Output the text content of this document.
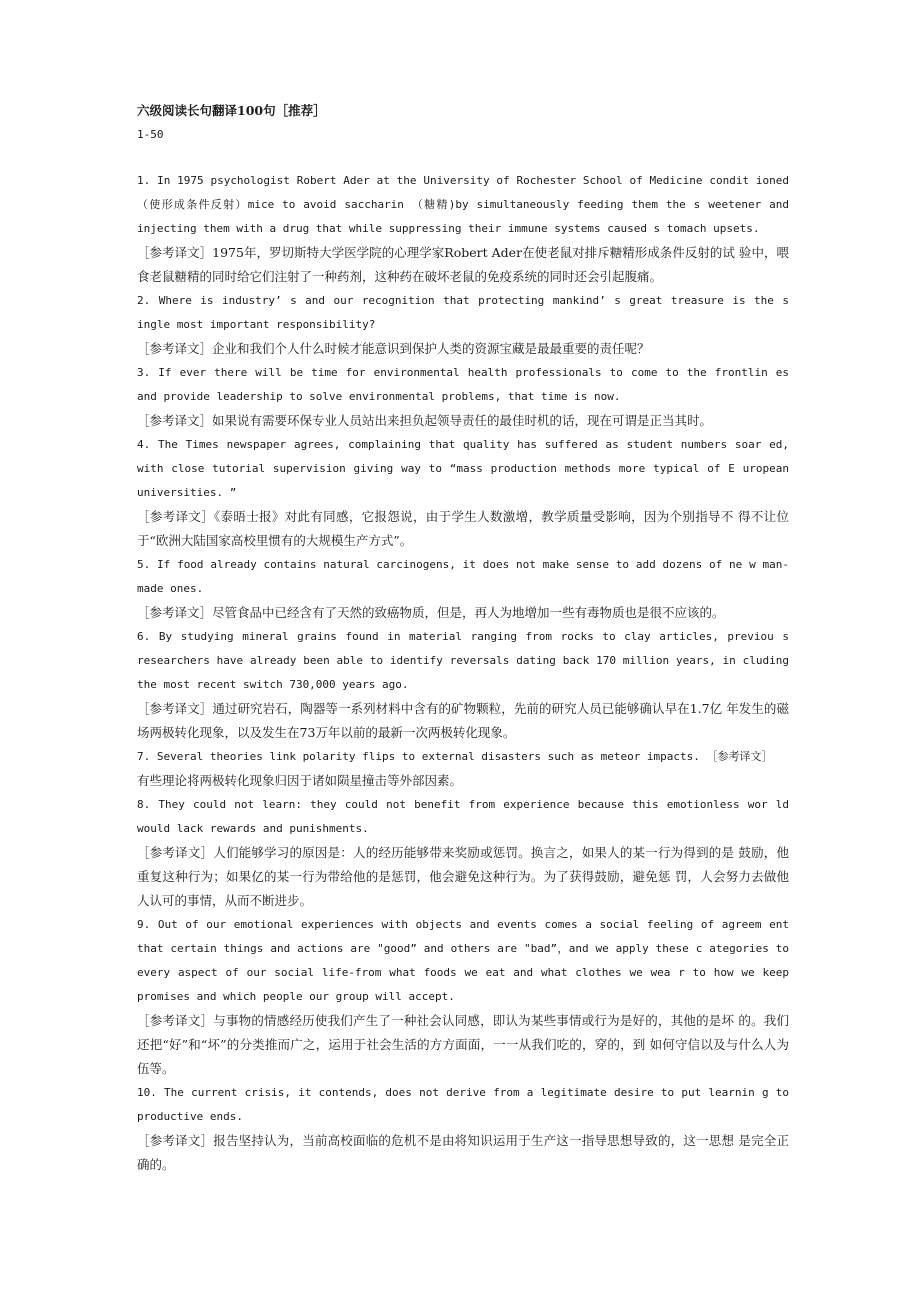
六级阅读长句翻译100句［推荐］

1-50

1. In 1975 psychologist Robert Ader at the University of Rochester School of Medicine condit ioned（使形成条件反射）mice to avoid saccharin （糖精)by simultaneously feeding them the s weetener and injecting them with a drug that while suppressing their immune systems caused s tomach upsets.

［参考译文］1975年，罗切斯特大学医学院的心理学家Robert Ader在使老鼠对排斥糖精形成条件反射的试 验中，喂食老鼠糖精的同时给它们注射了一种药剂，这种药在破坏老鼠的免疫系统的同时还会引起腹痛。

2. Where is industry’ s and our recognition that protecting mankind’ s great treasure is the s ingle most important responsibility?

［参考译文］企业和我们个人什么时候才能意识到保护人类的资源宝藏是最最重要的责任呢？

3. If ever there will be time for environmental health professionals to come to the frontlin es and provide leadership to solve environmental problems, that time is now.

［参考译文］如果说有需要环保专业人员站出来担负起领导责任的最佳时机的话，现在可谓是正当其时。

4. The Times newspaper agrees, complaining that quality has suffered as student numbers soar ed, with close tutorial supervision giving way to “mass production methods more typical of E uropean universities. ”

［参考译文］《泰晤士报》对此有同感，它报怨说，由于学生人数激增，教学质量受影响，因为个别指导不 得不让位于“欧洲大陆国家高校里惯有的大规模生产方式”。

5. If food already contains natural carcinogens, it does not make sense to add dozens of ne w man-made ones.

［参考译文］尽管食品中已经含有了天然的致癌物质，但是，再人为地增加一些有毒物质也是很不应该的。

6. By studying mineral grains found in material ranging from rocks to clay articles, previou s researchers have already been able to identify reversals dating back 170 million years, in cluding the most recent switch 730,000 years ago.

［参考译文］通过研究岩石，陶器等一系列材料中含有的矿物颗粒，先前的研究人员已能够确认早在1.7亿 年发生的磁场两极转化现象，以及发生在73万年以前的最新一次两极转化现象。

7. Several theories link polarity flips to external disasters such as meteor impacts. ［参考译文］

有些理论将两极转化现象归因于诸如陨星撞击等外部因素。

8. They could not learn: they could not benefit from experience because this emotionless wor ld would lack rewards and punishments.

［参考译文］人们能够学习的原因是：人的经历能够带来奖励或惩罚。换言之，如果人的某一行为得到的是 鼓励，他重复这种行为；如果亿的某一行为带给他的是惩罚，他会避免这种行为。为了获得鼓励，避免惩 罚，人会努力去做他人认可的事情，从而不断进步。

9. Out of our emotional experiences with objects and events comes a social feeling of agreem ent that certain things and actions are "good” and others are "bad”，and we apply these c ategories to every aspect of our social life-from what foods we eat and what clothes we wea r to how we keep promises and which people our group will accept.

［参考译文］与事物的情感经历使我们产生了一种社会认同感，即认为某些事情或行为是好的，其他的是坏 的。我们还把“好”和“坏”的分类推而广之，运用于社会生活的方方面面，一一从我们吃的，穿的，到 如何守信以及与什么人为伍等。

10. The current crisis, it contends, does not derive from a legitimate desire to put learnin g to productive ends.

［参考译文］报告坚持认为，当前高校面临的危机不是由将知识运用于生产这一指导思想导致的，这一思想 是完全正确的。
